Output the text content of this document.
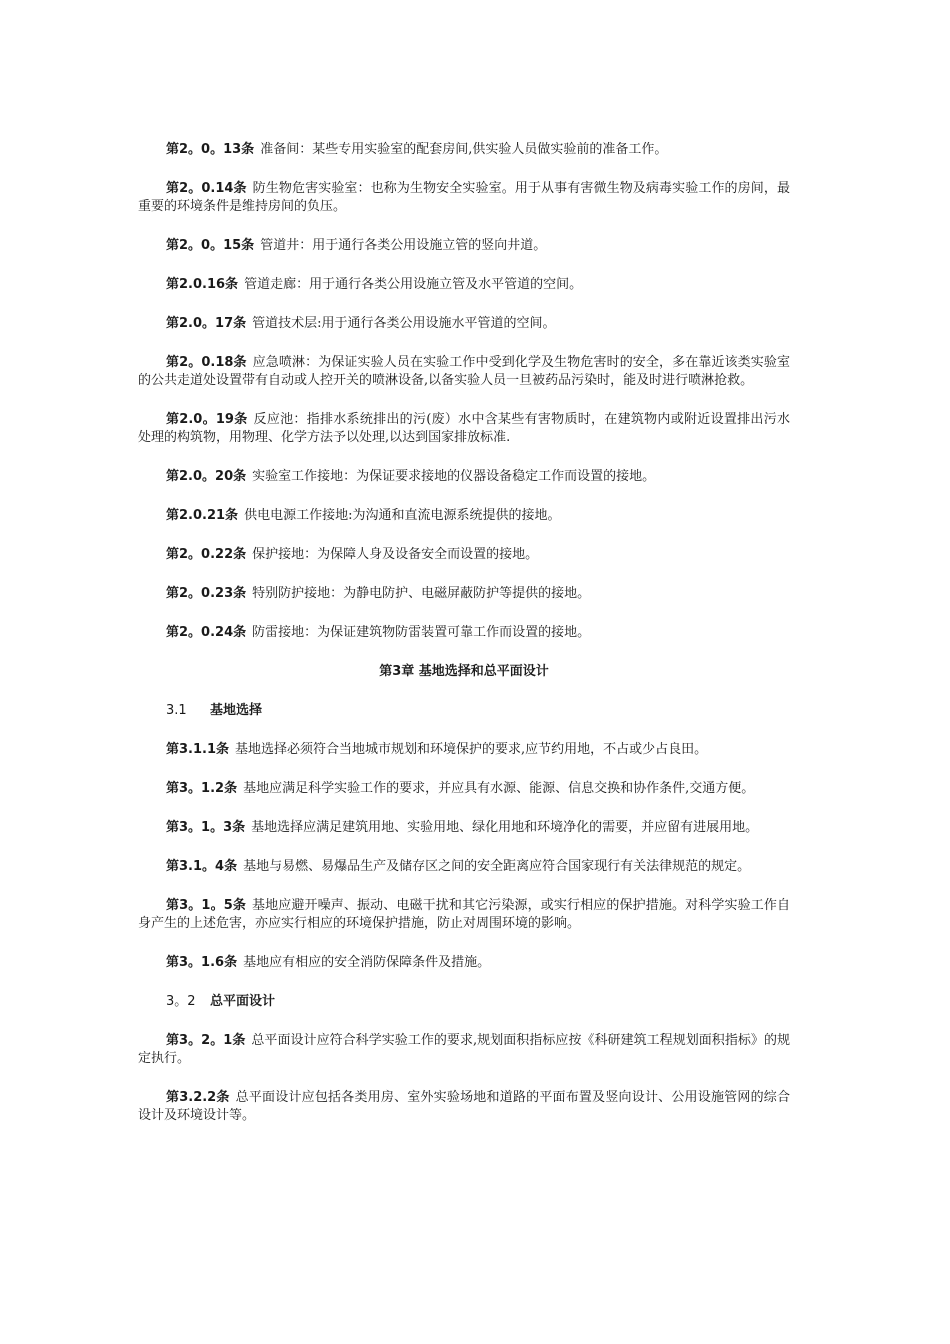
第2。0。13条 准备间：某些专用实验室的配套房间,供实验人员做实验前的准备工作。

第2。0.14条 防生物危害实验室：也称为生物安全实验室。用于从事有害微生物及病毒实验工作的房间，最重要的环境条件是维持房间的负压。

第2。0。15条 管道井：用于通行各类公用设施立管的竖向井道。

第2.0.16条 管道走廊：用于通行各类公用设施立管及水平管道的空间。

第2.0。17条 管道技术层:用于通行各类公用设施水平管道的空间。

第2。0.18条 应急喷淋：为保证实验人员在实验工作中受到化学及生物危害时的安全，多在靠近该类实验室的公共走道处设置带有自动或人控开关的喷淋设备,以备实验人员一旦被药品污染时，能及时进行喷淋抢救。

第2.0。19条 反应池：指排水系统排出的污(废）水中含某些有害物质时，在建筑物内或附近设置排出污水处理的构筑物，用物理、化学方法予以处理,以达到国家排放标准.

第2.0。20条 实验室工作接地：为保证要求接地的仪器设备稳定工作而设置的接地。

第2.0.21条 供电电源工作接地:为沟通和直流电源系统提供的接地。

第2。0.22条 保护接地：为保障人身及设备安全而设置的接地。

第2。0.23条 特别防护接地：为静电防护、电磁屏蔽防护等提供的接地。

第2。0.24条 防雷接地：为保证建筑物防雷装置可靠工作而设置的接地。

第3章 基地选择和总平面设计
3.1 基地选择

第3.1.1条 基地选择必须符合当地城市规划和环境保护的要求,应节约用地，不占或少占良田。

第3。1.2条 基地应满足科学实验工作的要求，并应具有水源、能源、信息交换和协作条件,交通方便。

第3。1。3条 基地选择应满足建筑用地、实验用地、绿化用地和环境净化的需要，并应留有进展用地。

第3.1。4条 基地与易燃、易爆品生产及储存区之间的安全距离应符合国家现行有关法律规范的规定。

第3。1。5条 基地应避开噪声、振动、电磁干扰和其它污染源，或实行相应的保护措施。对科学实验工作自身产生的上述危害，亦应实行相应的环境保护措施，防止对周围环境的影响。

第3。1.6条 基地应有相应的安全消防保障条件及措施。

3。2 总平面设计

第3。2。1条 总平面设计应符合科学实验工作的要求,规划面积指标应按《科研建筑工程规划面积指标》的规定执行。

第3.2.2条 总平面设计应包括各类用房、室外实验场地和道路的平面布置及竖向设计、公用设施管网的综合设计及环境设计等。
